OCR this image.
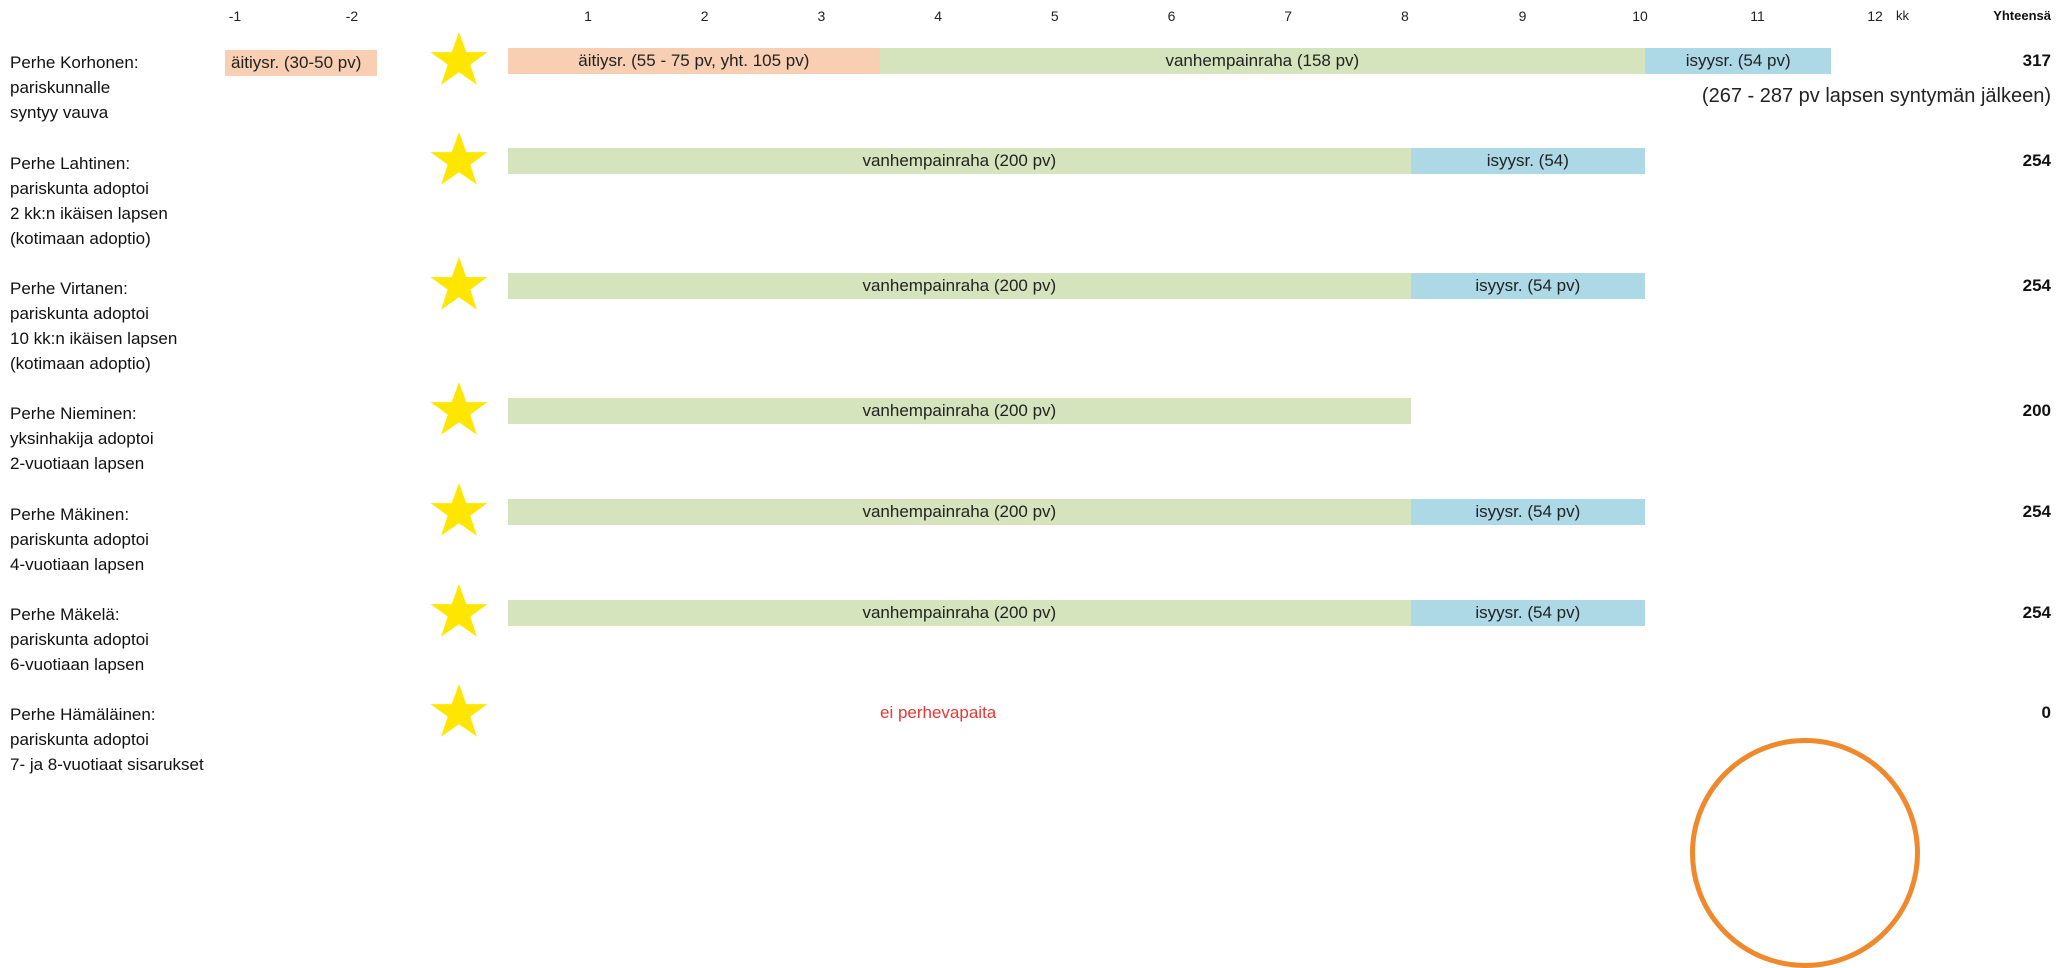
-1	-2	1	2	3	4	5	6	7	8	9	10	11	12 kk	Yhteensä
Perhe Korhonen:
pariskunnalle
syntyy vauva
äitiysr. (30-50 pv)	äitiysr. (55 - 75 pv, yht. 105 pv)	vanhempainraha (158 pv)	isyysr. (54 pv)	317
(267 - 287 pv lapsen syntymän jälkeen)
Perhe Lahtinen:
pariskunta adoptoi
2 kk:n ikäisen lapsen
(kotimaan adoptio)
vanhempainraha (200 pv)	isyysr. (54)	254
Perhe Virtanen:
pariskunta adoptoi
10 kk:n ikäisen lapsen
(kotimaan adoptio)
vanhempainraha (200 pv)	isyysr. (54 pv)	254
Perhe Nieminen:
yksinhakija adoptoi
2-vuotiaan lapsen
vanhempainraha (200 pv)	200
Perhe Mäkinen:
pariskunta adoptoi
4-vuotiaan lapsen
vanhempainraha (200 pv)	isyysr. (54 pv)	254
Perhe Mäkelä:
pariskunta adoptoi
6-vuotiaan lapsen
vanhempainraha (200 pv)	isyysr. (54 pv)	254
Perhe Hämäläinen:
pariskunta adoptoi
7- ja 8-vuotiaat sisarukset
ei perhevapaita	0
